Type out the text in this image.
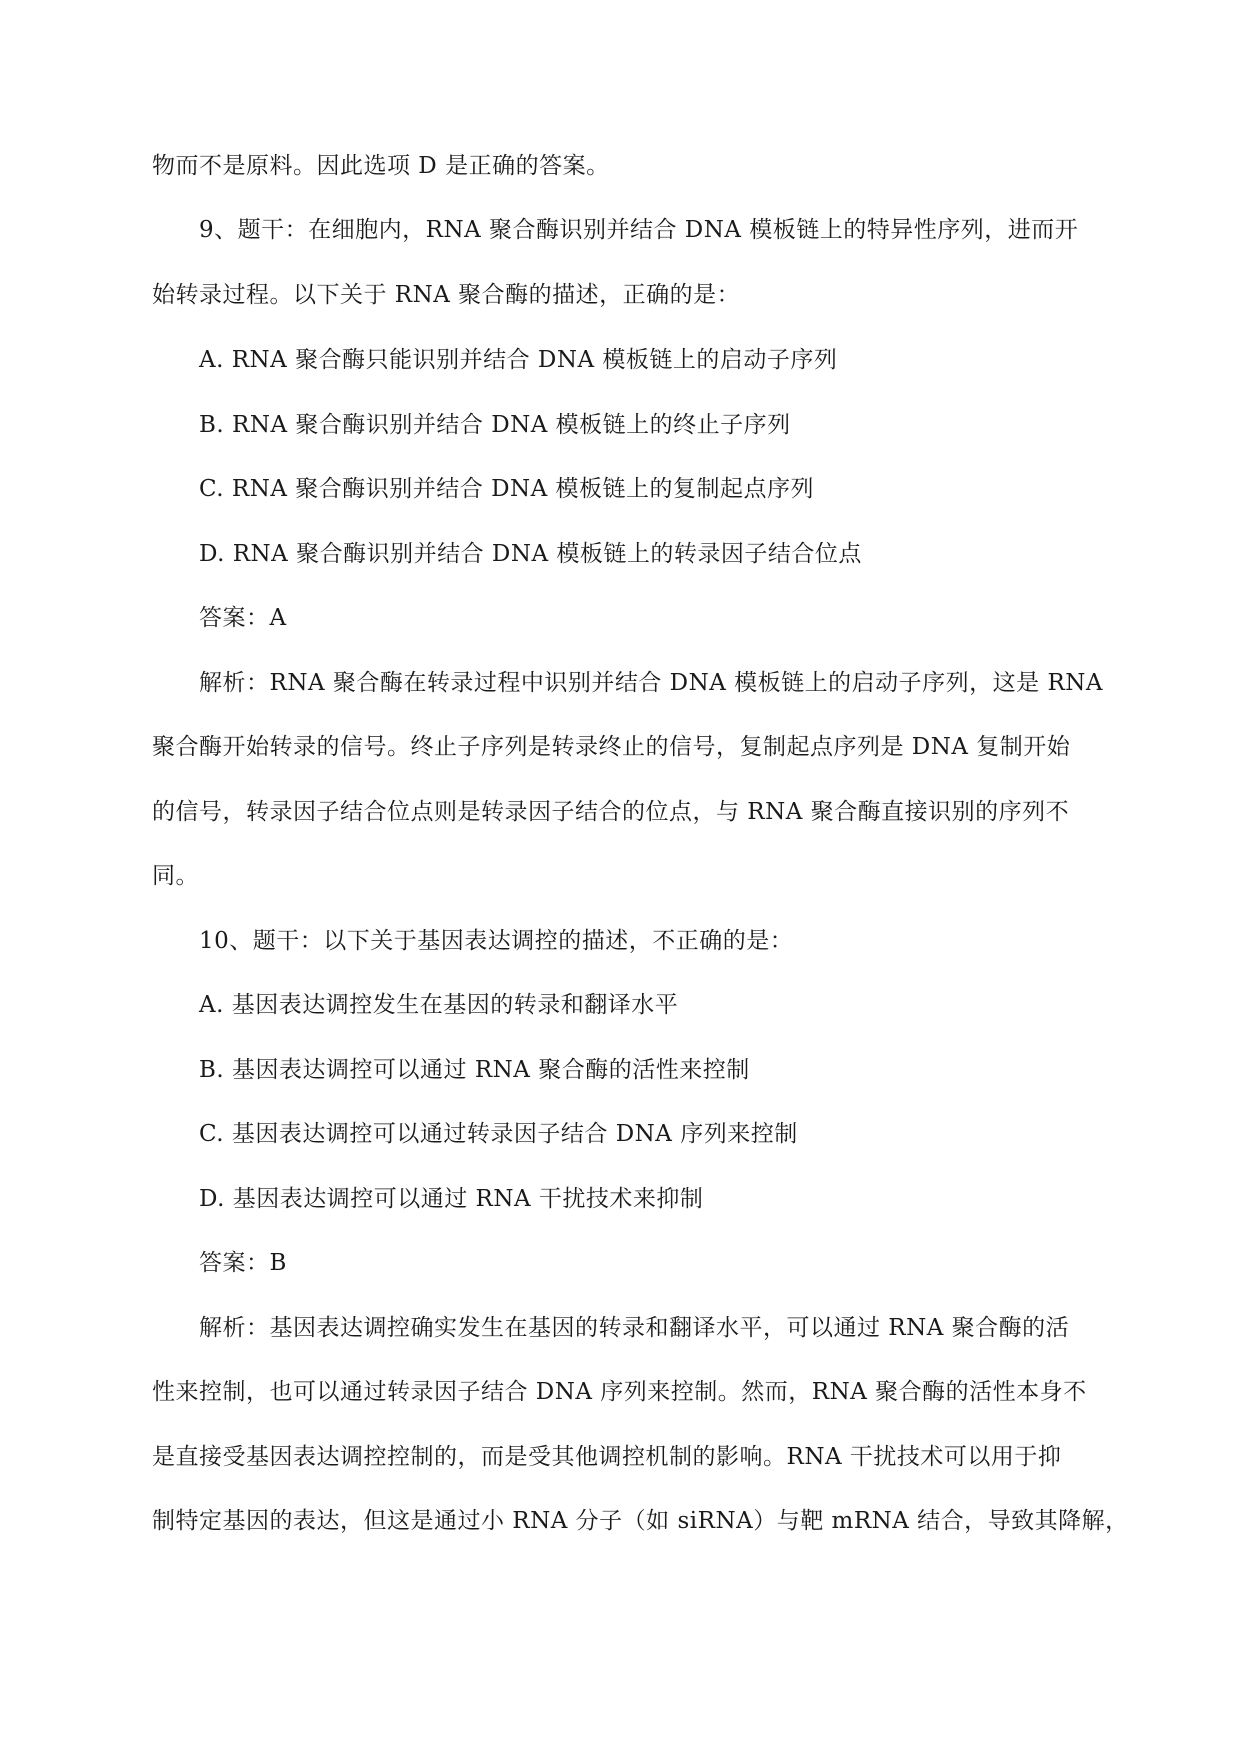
物而不是原料。因此选项 D 是正确的答案。
9、题干：在细胞内，RNA 聚合酶识别并结合 DNA 模板链上的特异性序列，进而开
始转录过程。以下关于 RNA 聚合酶的描述，正确的是：
A. RNA 聚合酶只能识别并结合 DNA 模板链上的启动子序列
B. RNA 聚合酶识别并结合 DNA 模板链上的终止子序列
C. RNA 聚合酶识别并结合 DNA 模板链上的复制起点序列
D. RNA 聚合酶识别并结合 DNA 模板链上的转录因子结合位点
答案：A
解析：RNA 聚合酶在转录过程中识别并结合 DNA 模板链上的启动子序列，这是 RNA
聚合酶开始转录的信号。终止子序列是转录终止的信号，复制起点序列是 DNA 复制开始
的信号，转录因子结合位点则是转录因子结合的位点，与 RNA 聚合酶直接识别的序列不
同。
10、题干：以下关于基因表达调控的描述，不正确的是：
A. 基因表达调控发生在基因的转录和翻译水平
B. 基因表达调控可以通过 RNA 聚合酶的活性来控制
C. 基因表达调控可以通过转录因子结合 DNA 序列来控制
D. 基因表达调控可以通过 RNA 干扰技术来抑制
答案：B
解析：基因表达调控确实发生在基因的转录和翻译水平，可以通过 RNA 聚合酶的活
性来控制，也可以通过转录因子结合 DNA 序列来控制。然而，RNA 聚合酶的活性本身不
是直接受基因表达调控控制的，而是受其他调控机制的影响。RNA 干扰技术可以用于抑
制特定基因的表达，但这是通过小 RNA 分子（如 siRNA）与靶 mRNA 结合，导致其降解，
